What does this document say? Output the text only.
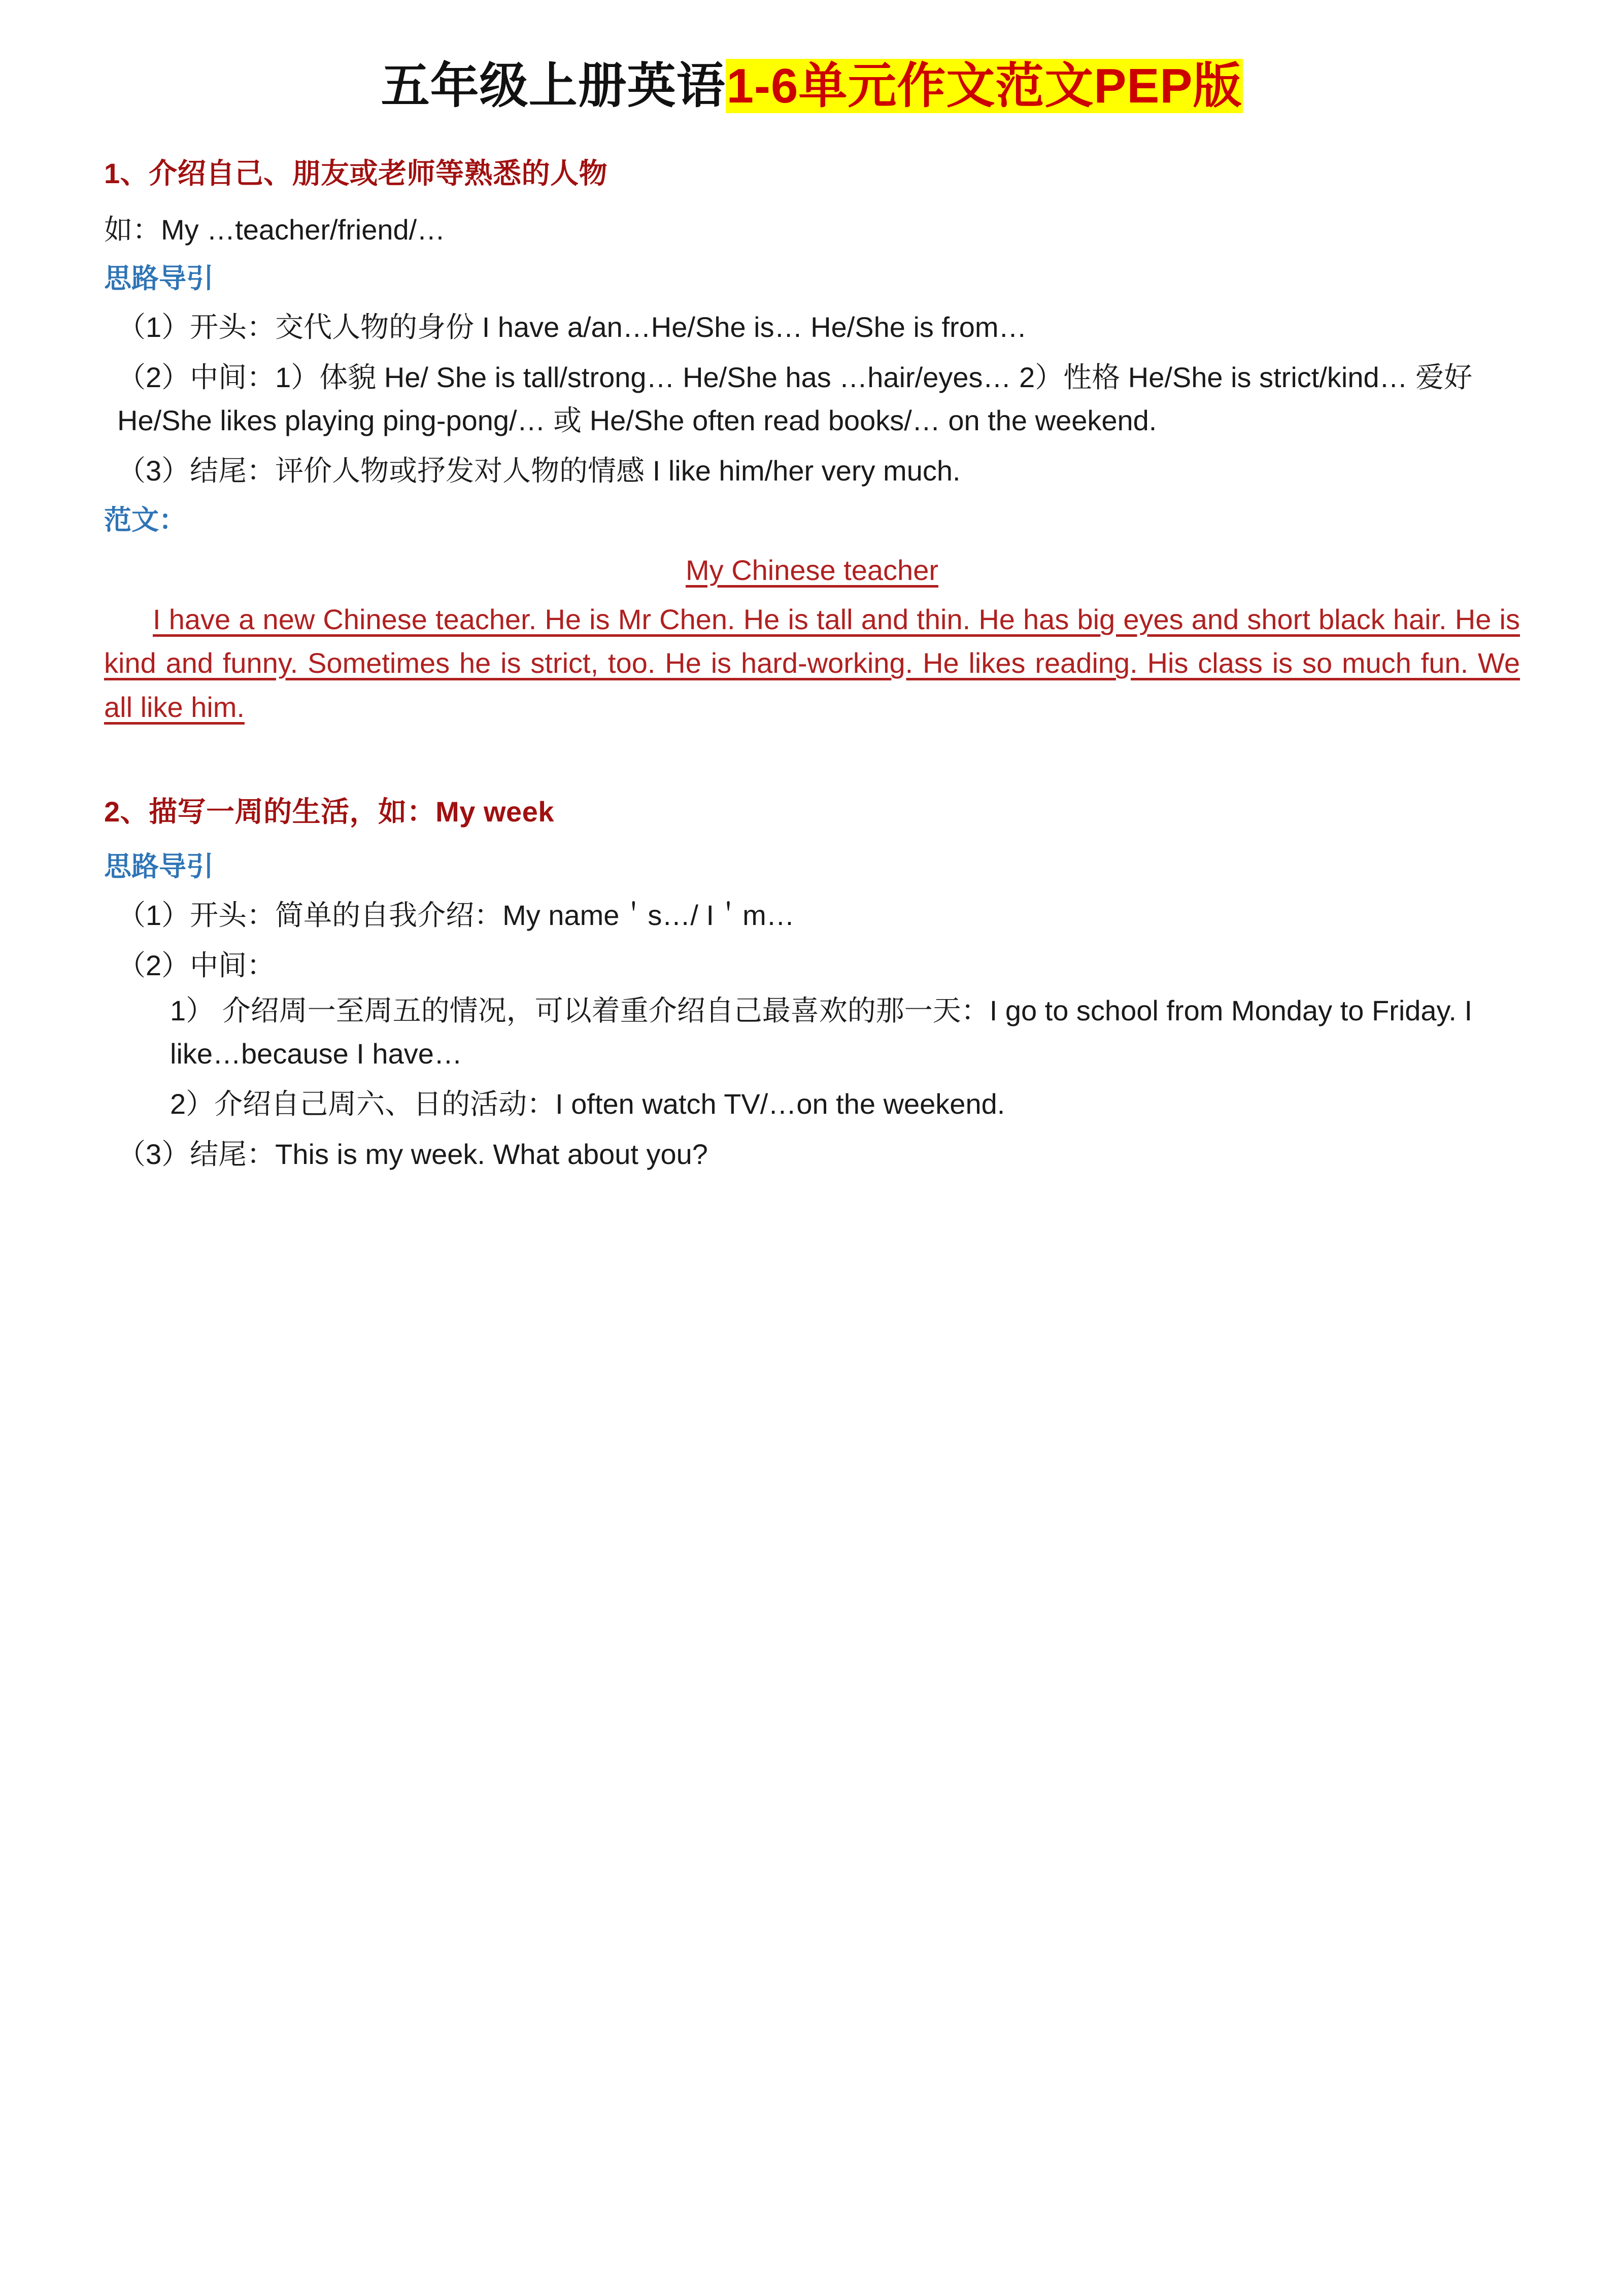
五年级上册英语1-6单元作文范文PEP版

1、介绍自己、朋友或老师等熟悉的人物

如：My …teacher/friend/…

思路导引

（1）开头：交代人物的身份 I have a/an…He/She is… He/She is from…

（2）中间：1）体貌 He/ She is tall/strong… He/She has …hair/eyes… 2）性格 He/She is strict/kind… 爱好 He/She likes playing ping-pong/… 或 He/She often read books/… on the weekend.

（3）结尾：评价人物或抒发对人物的情感 I like him/her very much.

范文：

My Chinese teacher

I have a new Chinese teacher. He is Mr Chen. He is tall and thin. He has big eyes and short black hair. He is kind and funny. Sometimes he is strict, too. He is hard-working. He likes reading. His class is so much fun. We all like him.

2、描写一周的生活，如：My week

思路导引

（1）开头：简单的自我介绍：My name＇s…/ I＇m…

（2）中间：

1） 介绍周一至周五的情况，可以着重介绍自己最喜欢的那一天：I go to school from Monday to Friday. I like…because I have…

2）介绍自己周六、日的活动：I often watch TV/…on the weekend.

（3）结尾：This is my week. What about you?
